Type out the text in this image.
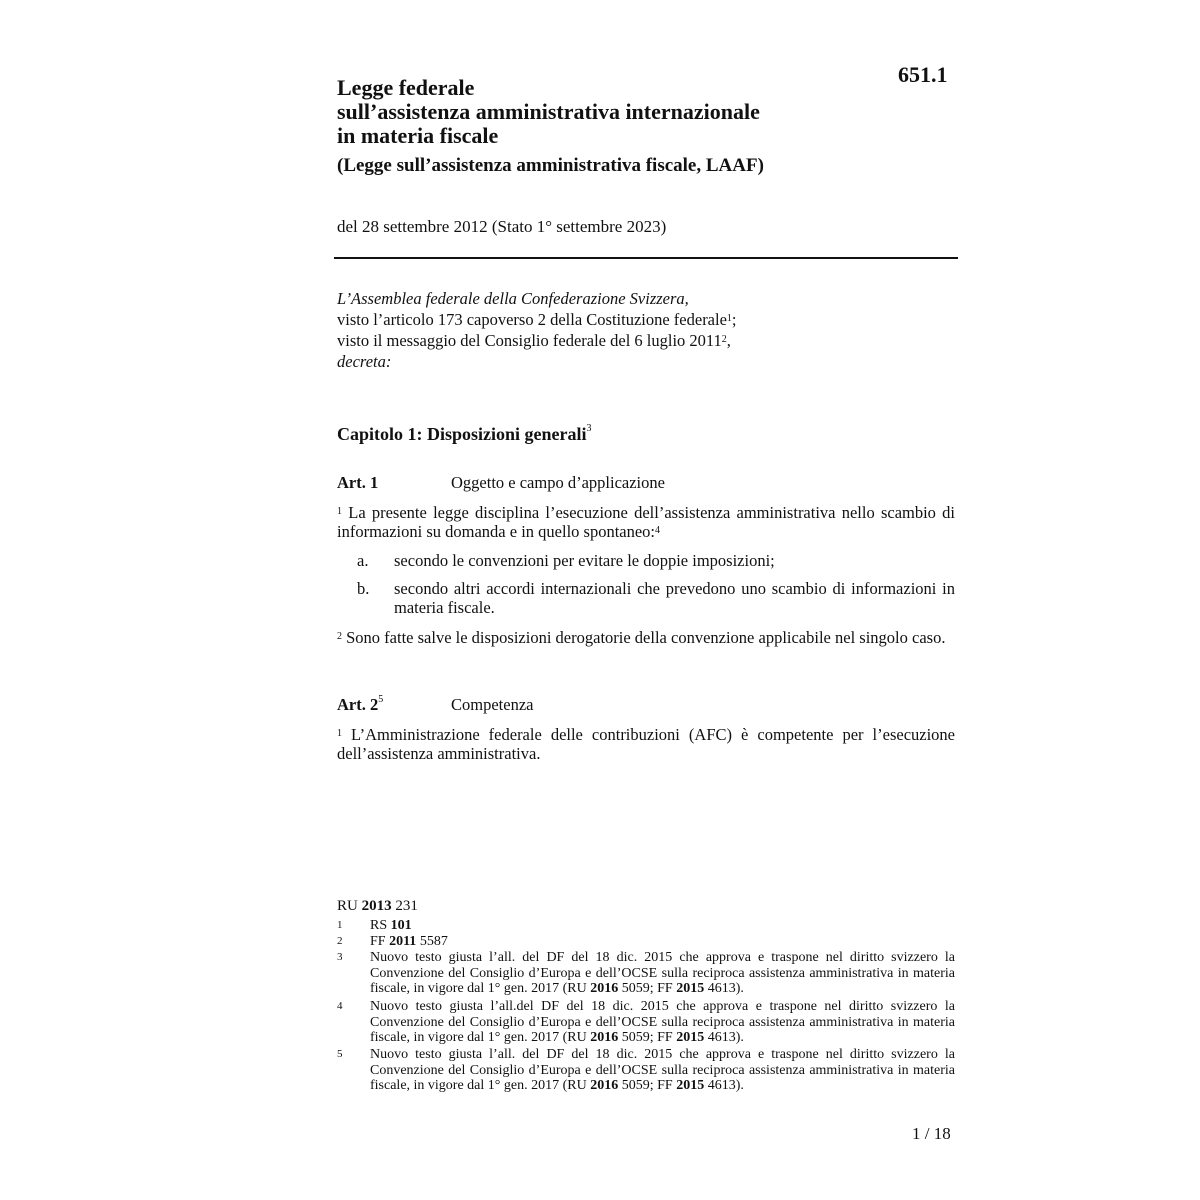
651.1
Legge federale
sull’assistenza amministrativa internazionale
in materia fiscale
(Legge sull’assistenza amministrativa fiscale, LAAF)
del 28 settembre 2012 (Stato 1° settembre 2023)
L’Assemblea federale della Confederazione Svizzera,
visto l’articolo 173 capoverso 2 della Costituzione federale$^1$;
visto il messaggio del Consiglio federale del 6 luglio 2011$^2$,
decreta:
Capitolo 1: Disposizioni generali$^3$
Art. 1	Oggetto e campo d’applicazione
$^1$ La presente legge disciplina l’esecuzione dell’assistenza amministrativa nello scambio di informazioni su domanda e in quello spontaneo:$^4$
a. secondo le convenzioni per evitare le doppie imposizioni;
b. secondo altri accordi internazionali che prevedono uno scambio di informazioni in materia fiscale.
$^2$ Sono fatte salve le disposizioni derogatorie della convenzione applicabile nel singolo caso.
Art. $2^5$	Competenza
$^1$ L’Amministrazione federale delle contribuzioni (AFC) è competente per l’esecuzione dell’assistenza amministrativa.
RU 2013 231
1 RS 101
2 FF 2011 5587
3 Nuovo testo giusta l’all. del DF del 18 dic. 2015 che approva e traspone nel diritto svizzero la Convenzione del Consiglio d’Europa e dell’OCSE sulla reciproca assistenza amministrativa in materia fiscale, in vigore dal 1° gen. 2017 (RU 2016 5059; FF 2015 4613).
4 Nuovo testo giusta l’all.del DF del 18 dic. 2015 che approva e traspone nel diritto svizzero la Convenzione del Consiglio d’Europa e dell’OCSE sulla reciproca assistenza amministrativa in materia fiscale, in vigore dal 1° gen. 2017 (RU 2016 5059; FF 2015 4613).
5 Nuovo testo giusta l’all. del DF del 18 dic. 2015 che approva e traspone nel diritto svizzero la Convenzione del Consiglio d’Europa e dell’OCSE sulla reciproca assistenza amministrativa in materia fiscale, in vigore dal 1° gen. 2017 (RU 2016 5059; FF 2015 4613).
1 / 18
